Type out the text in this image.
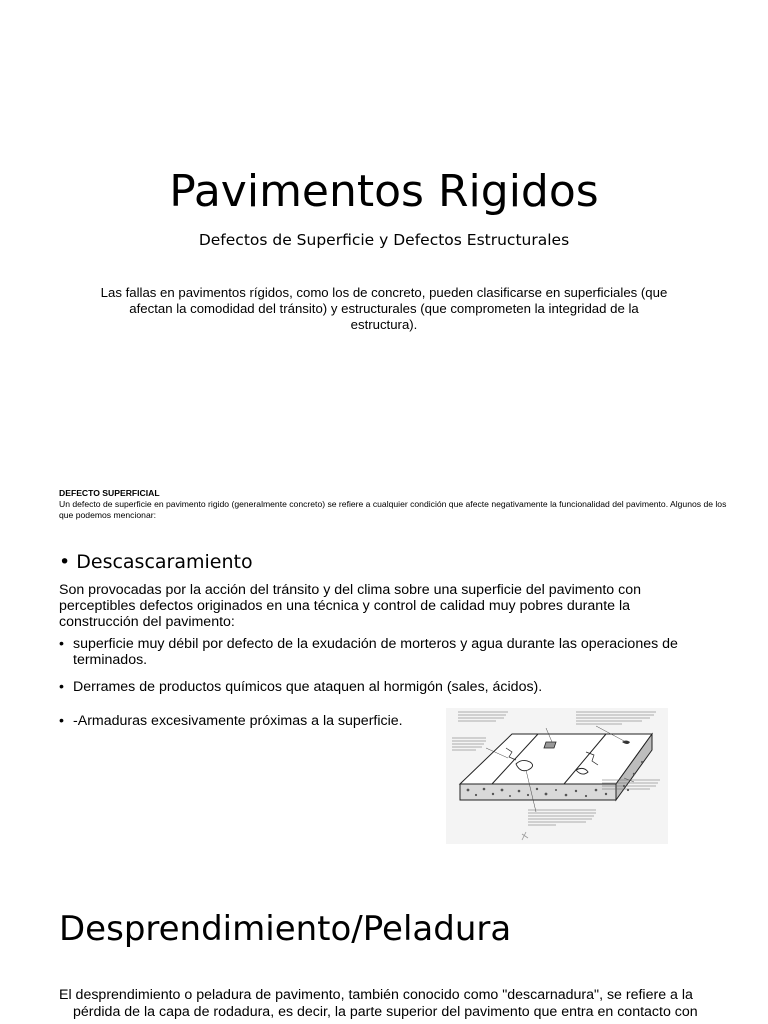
Pavimentos Rigidos
Defectos de Superficie y Defectos Estructurales
Las fallas en pavimentos rígidos, como los de concreto, pueden clasificarse en superficiales (que afectan la comodidad del tránsito) y estructurales (que comprometen la integridad de la estructura).
DEFECTO SUPERFICIAL
Un defecto de superficie en pavimento rigido (generalmente concreto) se refiere a cualquier condición que afecte negativamente la funcionalidad del pavimento. Algunos de los que podemos mencionar:
• Descascaramiento
Son provocadas por la acción del tránsito y del clima sobre una superficie del pavimento con perceptibles defectos originados en una técnica y control de calidad muy pobres durante la construcción del pavimento:
• superficie muy débil por defecto de la exudación de morteros y agua durante las operaciones de terminados.
• Derrames de productos químicos que ataquen al hormigón (sales, ácidos).
• -Armaduras excesivamente próximas a la superficie.
Desprendimiento/Peladura
El desprendimiento o peladura de pavimento, también conocido como "descarnadura", se refiere a la
pérdida de la capa de rodadura, es decir, la parte superior del pavimento que entra en contacto con
